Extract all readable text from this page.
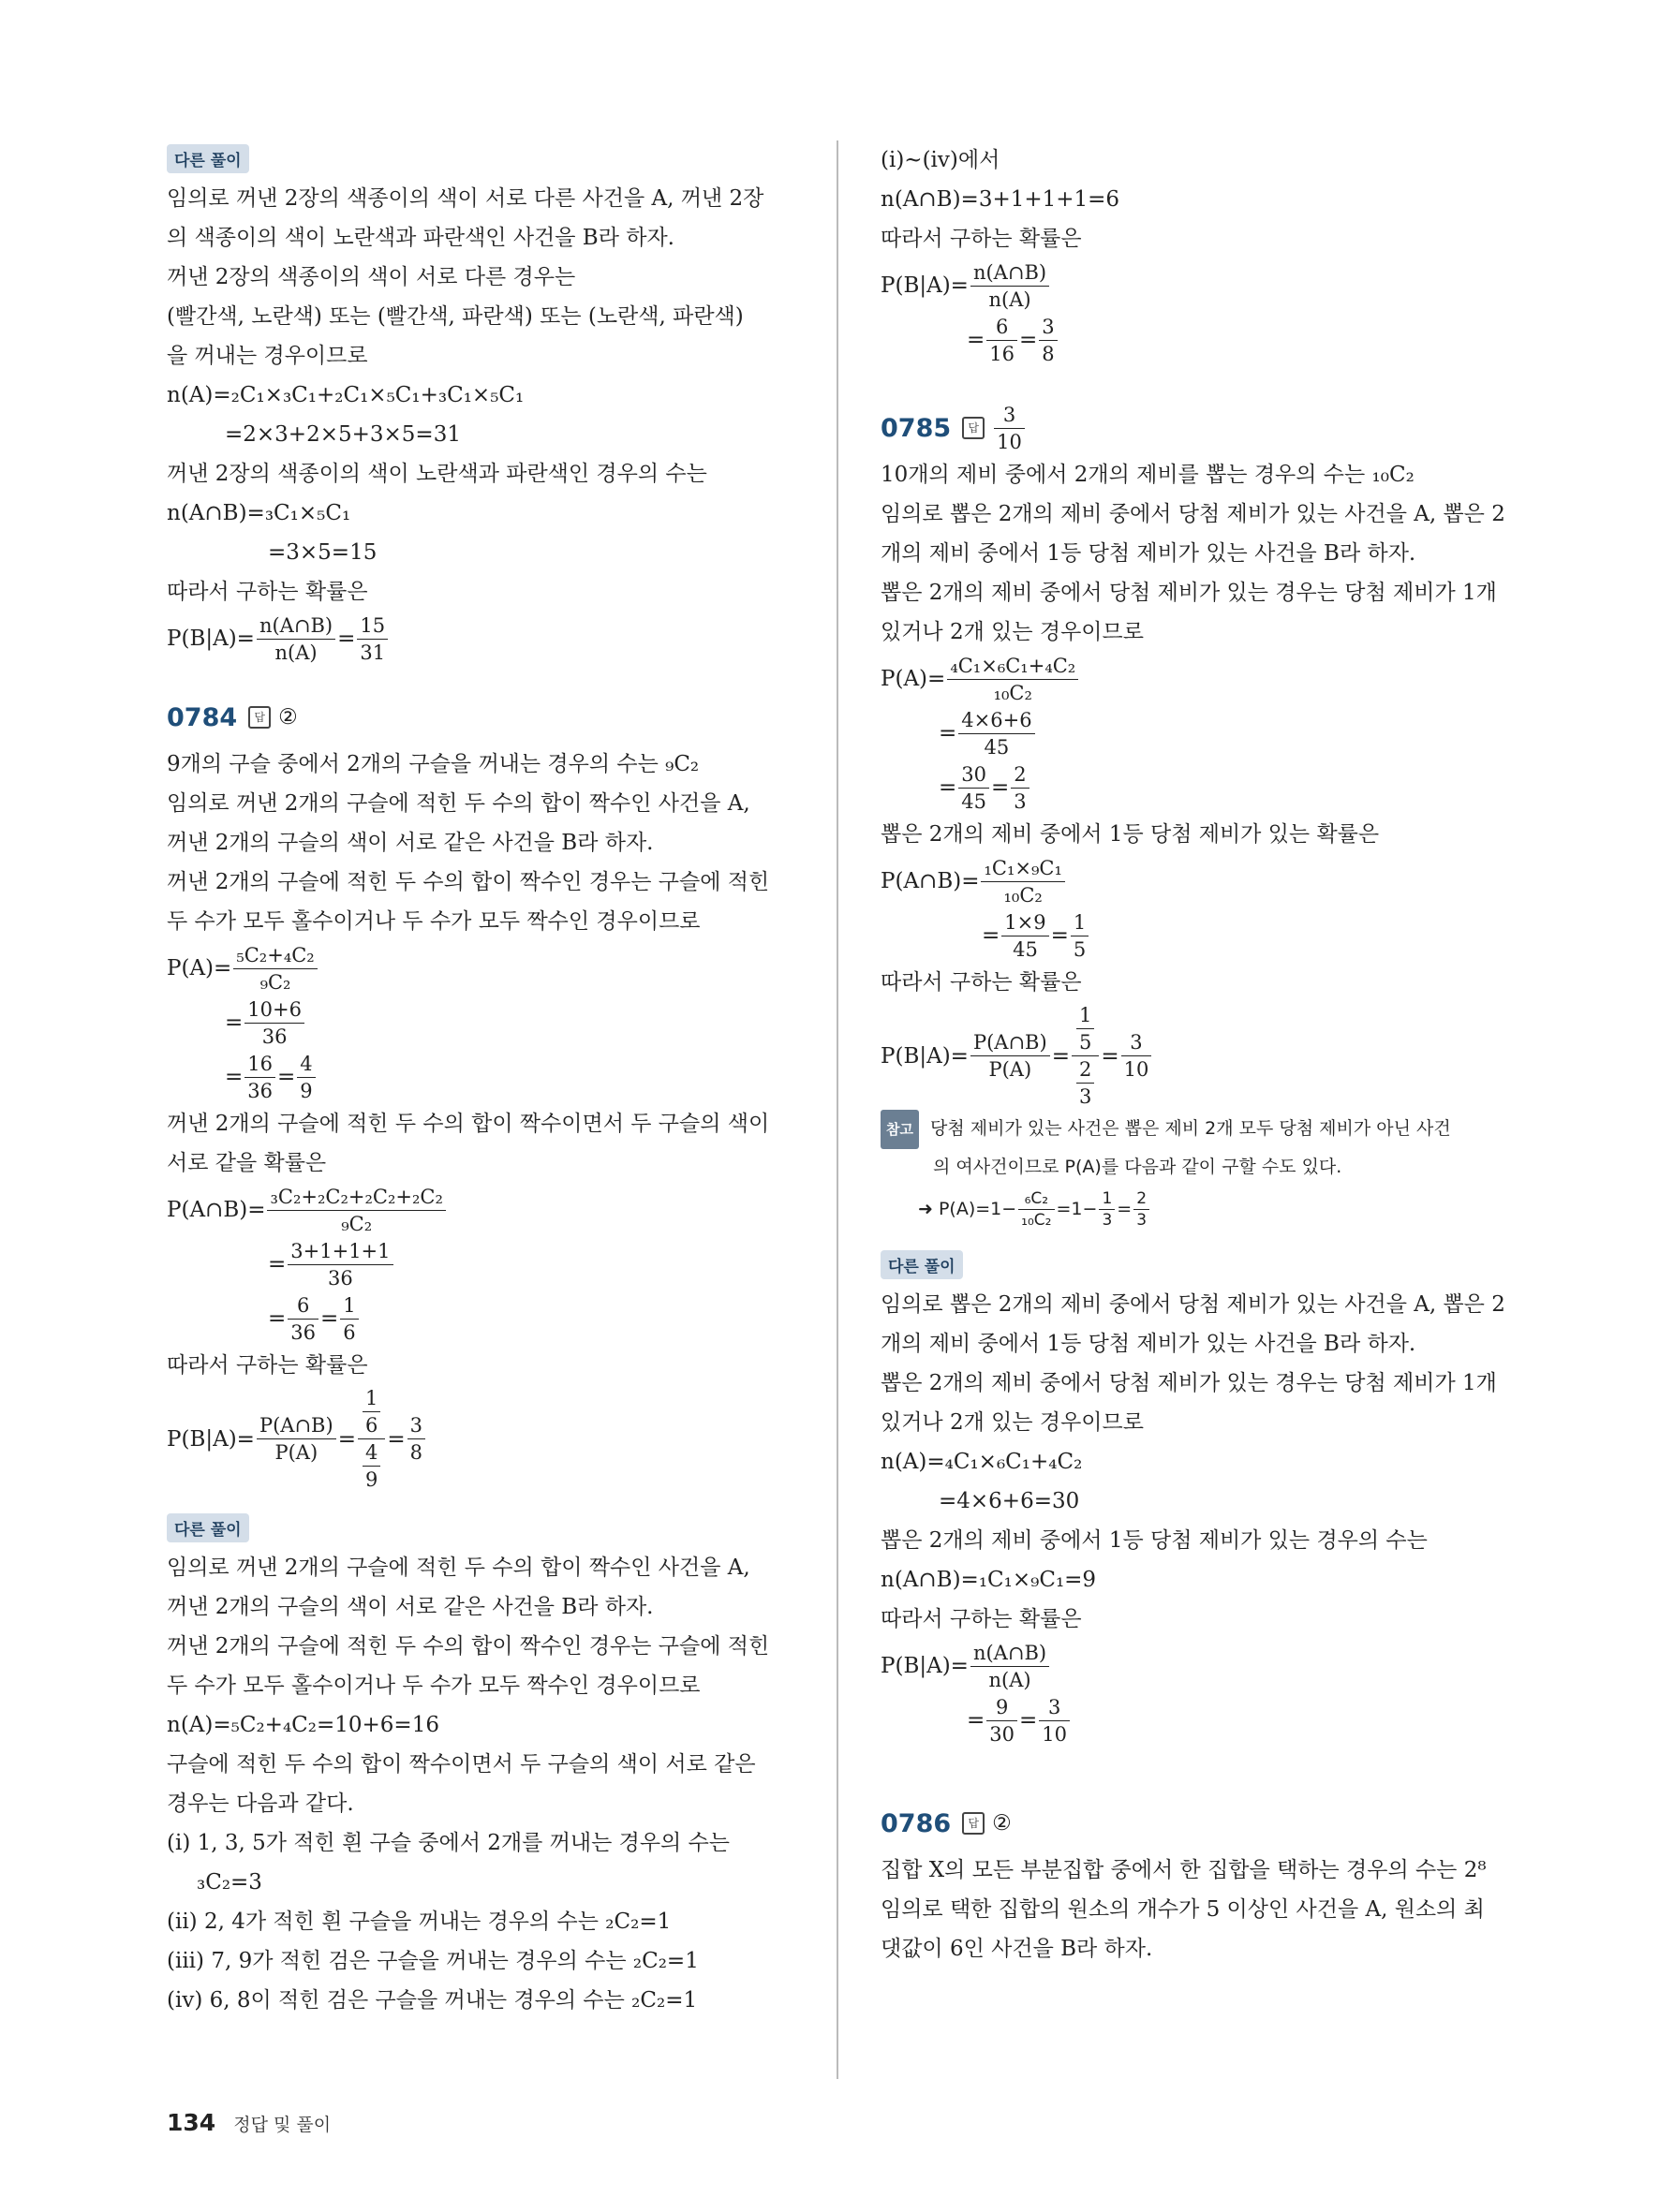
다른 풀이
임의로 꺼낸 2장의 색종이의 색이 서로 다른 사건을 A, 꺼낸 2장
의 색종이의 색이 노란색과 파란색인 사건을 B라 하자.
꺼낸 2장의 색종이의 색이 서로 다른 경우는
(빨간색, 노란색) 또는 (빨간색, 파란색) 또는 (노란색, 파란색)
을 꺼내는 경우이므로
n(A)=₂C₁×₃C₁+₂C₁×₅C₁+₃C₁×₅C₁
=2×3+2×5+3×5=31
꺼낸 2장의 색종이의 색이 노란색과 파란색인 경우의 수는
n(A∩B)=₃C₁×₅C₁
=3×5=15
따라서 구하는 확률은
$P(B|A)= \frac{n(A\cap B)}{n(A)} = \frac{15}{31}$
0784	답 ②
9개의 구슬 중에서 2개의 구슬을 꺼내는 경우의 수는 ₉C₂
임의로 꺼낸 2개의 구슬에 적힌 두 수의 합이 짝수인 사건을 A,
꺼낸 2개의 구슬의 색이 서로 같은 사건을 B라 하자.
꺼낸 2개의 구슬에 적힌 두 수의 합이 짝수인 경우는 구슬에 적힌
두 수가 모두 홀수이거나 두 수가 모두 짝수인 경우이므로
$P(A)= \frac{\text{₅C₂+₄C₂}}{\text{₉C₂}}$
= $\frac{10+6}{36}$
= $\frac{16}{36} = \frac{4}{9}$
꺼낸 2개의 구슬에 적힌 두 수의 합이 짝수이면서 두 구슬의 색이
서로 같을 확률은
P(A∩B)= $\frac{\text{₃C₂+₂C₂+₂C₂+₂C₂}}{\text{₉C₂}}$
= $\frac{3+1+1+1}{36}$
= $\frac{6}{36} = \frac{1}{6}$
따라서 구하는 확률은
$P(B|A)= \frac{P(A\cap B)}{P(A)} = \frac{\frac{1}{6}}{\frac{4}{9}} = \frac{3}{8}$
다른 풀이
임의로 꺼낸 2개의 구슬에 적힌 두 수의 합이 짝수인 사건을 A,
꺼낸 2개의 구슬의 색이 서로 같은 사건을 B라 하자.
꺼낸 2개의 구슬에 적힌 두 수의 합이 짝수인 경우는 구슬에 적힌
두 수가 모두 홀수이거나 두 수가 모두 짝수인 경우이므로
n(A)=₅C₂+₄C₂=10+6=16
구슬에 적힌 두 수의 합이 짝수이면서 두 구슬의 색이 서로 같은
경우는 다음과 같다.
(i) 1, 3, 5가 적힌 흰 구슬 중에서 2개를 꺼내는 경우의 수는
₃C₂=3
(ii) 2, 4가 적힌 흰 구슬을 꺼내는 경우의 수는 ₂C₂=1
(iii) 7, 9가 적힌 검은 구슬을 꺼내는 경우의 수는 ₂C₂=1
(iv) 6, 8이 적힌 검은 구슬을 꺼내는 경우의 수는 ₂C₂=1
(i)~(iv)에서
n(A∩B)=3+1+1+1=6
따라서 구하는 확률은
$P(B|A)= \frac{n(A\cap B)}{n(A)}$
= $\frac{6}{16} = \frac{3}{8}$
0785	답 $\frac{3}{10}$
10개의 제비 중에서 2개의 제비를 뽑는 경우의 수는 ₁₀C₂
임의로 뽑은 2개의 제비 중에서 당첨 제비가 있는 사건을 A, 뽑은 2
개의 제비 중에서 1등 당첨 제비가 있는 사건을 B라 하자.
뽑은 2개의 제비 중에서 당첨 제비가 있는 경우는 당첨 제비가 1개
있거나 2개 있는 경우이므로
$P(A)= \frac{\text{₄C₁×₆C₁+₄C₂}}{\text{₁₀C₂}}$
= $\frac{4\times 6+6}{45}$
= $\frac{30}{45} = \frac{2}{3}$
뽑은 2개의 제비 중에서 1등 당첨 제비가 있는 확률은
P(A∩B)= $\frac{\text{₁C₁×₉C₁}}{\text{₁₀C₂}}$
= $\frac{1\times 9}{45} = \frac{1}{5}$
따라서 구하는 확률은
$P(B|A)= \frac{P(A\cap B)}{P(A)} = \frac{\frac{1}{5}}{\frac{2}{3}} = \frac{3}{10}$
참고 당첨 제비가 있는 사건은 뽑은 제비 2개 모두 당첨 제비가 아닌 사건
의 여사건이므로 P(A)를 다음과 같이 구할 수도 있다.
➜ $P(A)=1- \frac{\text{₆C₂}}{\text{₁₀C₂}} =1- \frac{1}{3} = \frac{2}{3}$
다른 풀이
임의로 뽑은 2개의 제비 중에서 당첨 제비가 있는 사건을 A, 뽑은 2
개의 제비 중에서 1등 당첨 제비가 있는 사건을 B라 하자.
뽑은 2개의 제비 중에서 당첨 제비가 있는 경우는 당첨 제비가 1개
있거나 2개 있는 경우이므로
n(A)=₄C₁×₆C₁+₄C₂
=4×6+6=30
뽑은 2개의 제비 중에서 1등 당첨 제비가 있는 경우의 수는
n(A∩B)=₁C₁×₉C₁=9
따라서 구하는 확률은
$P(B|A)= \frac{n(A\cap B)}{n(A)}$
= $\frac{9}{30} = \frac{3}{10}$
0786	답 ②
집합 X의 모든 부분집합 중에서 한 집합을 택하는 경우의 수는 2⁸
임의로 택한 집합의 원소의 개수가 5 이상인 사건을 A, 원소의 최
댓값이 6인 사건을 B라 하자.
134 정답 및 풀이
